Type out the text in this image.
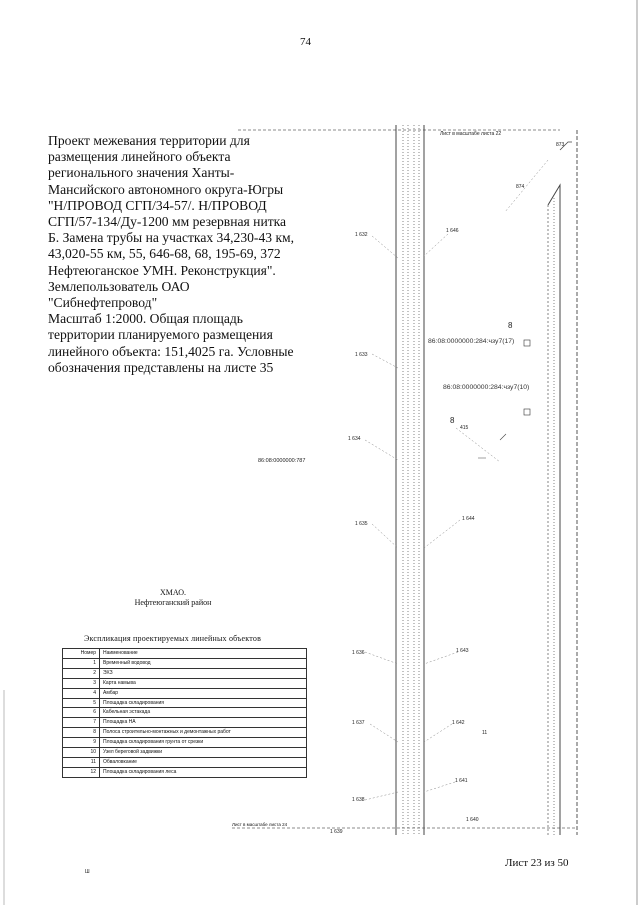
74
Проект межевания территории для
размещения линейного объекта
регионального значения Ханты-
Мансийского автономного округа-Югры
"Н/ПРОВОД СГП/34-57/. Н/ПРОВОД
СГП/57-134/Ду-1200 мм резервная нитка
Б. Замена трубы на участках 34,230-43 км,
43,020-55 км, 55, 646-68, 68, 195-69, 372
Нефтеюганское УМН. Реконструкция".
Землепользователь ОАО
"Сибнефтепровод"
Масштаб 1:2000. Общая площадь
территории планируемого размещения
линейного объекта: 151,4025 га. Условные
обозначения представлены на листе 35
Лист в масштабе листа 22
873
874
1 632
1 646
1 633
1 634
1 635
1 636
1 637
1 638
1 639
1 644
1 643
1 642
1 641
1 640
415
86:08:0000000:284:чзу7(17)
86:08:0000000:284:чзу7(10)
86:08:0000000:787
8
8
11
ХМАО.
Нефтеюганский район
Экспликация проектируемых линейных объектов
Номер	Наименование
1	Временный водовод
2	ЭХЗ
3	Карта намыва
4	Амбар
5	Площадка складирования
6	Кабельная эстакада
7	Площадка НА
8	Полоса строительно-монтажных и демонтажных работ
9	Площадка складирования грунта от срезки
10	Узел береговой задвижки
11	Обваловкание
12	Площадка складирования леса
Лист в масштабе листа 24
Лист 23 из 50
Ш
